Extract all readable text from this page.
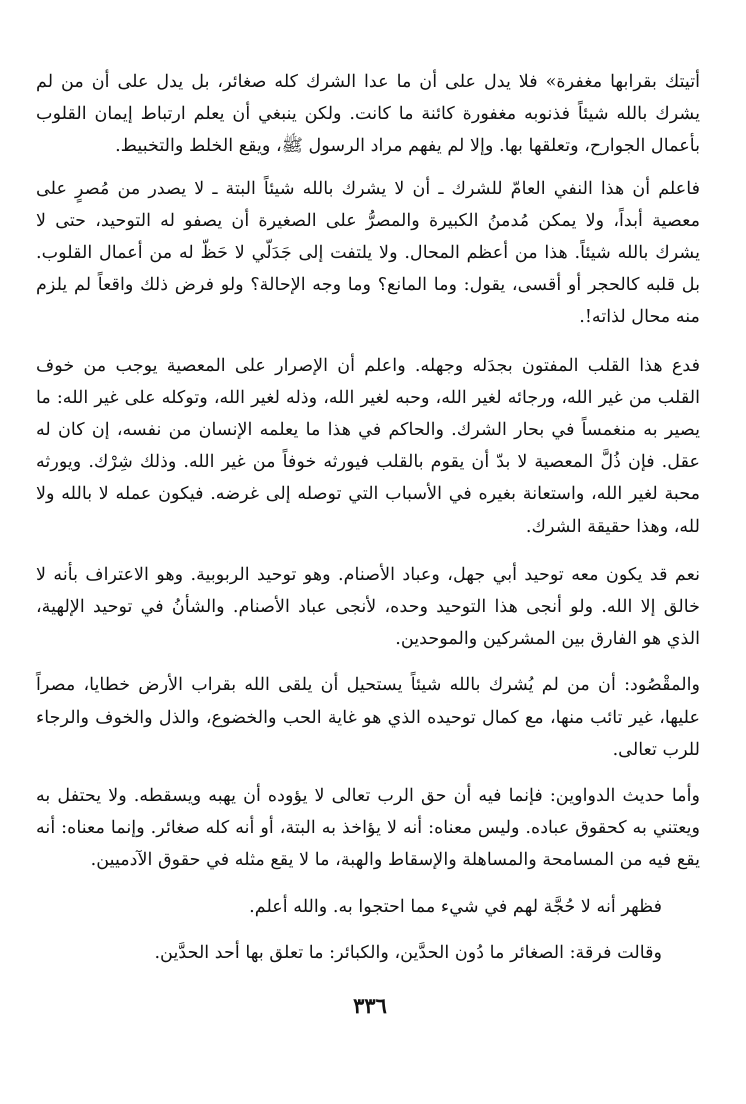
أتيتك بقرابها مغفرة» فلا يدل على أن ما عدا الشرك كله صغائر، بل يدل على أن من لم يشرك بالله شيئاً فذنوبه مغفورة كائنة ما كانت. ولكن ينبغي أن يعلم ارتباط إيمان القلوب بأعمال الجوارح، وتعلقها بها. وإلا لم يفهم مراد الرسول ﷺ، ويقع الخلط والتخبيط.

فاعلم أن هذا النفي العامّ للشرك ـ أن لا يشرك بالله شيئاً البتة ـ لا يصدر من مُصرٍ على معصية أبداً، ولا يمكن مُدمنُ الكبيرة والمصرُّ على الصغيرة أن يصفو له التوحيد، حتى لا يشرك بالله شيئاً. هذا من أعظم المحال. ولا يلتفت إلى جَدَلّي لا حَظّ له من أعمال القلوب. بل قلبه كالحجر أو أقسى، يقول: وما المانع؟ وما وجه الإحالة؟ ولو فرض ذلك واقعاً لم يلزم منه محال لذاته!.

فدع هذا القلب المفتون بجدَله وجهله. واعلم أن الإصرار على المعصية يوجب من خوف القلب من غير الله، ورجائه لغير الله، وحبه لغير الله، وذله لغير الله، وتوكله على غير الله: ما يصير به منغمساً في بحار الشرك. والحاكم في هذا ما يعلمه الإنسان من نفسه، إن كان له عقل. فإن ذُلَّ المعصية لا بدّ أن يقوم بالقلب فيورثه خوفاً من غير الله. وذلك شِرْك. ويورثه محبة لغير الله، واستعانة بغيره في الأسباب التي توصله إلى غرضه. فيكون عمله لا بالله ولا لله، وهذا حقيقة الشرك.

نعم قد يكون معه توحيد أبي جهل، وعباد الأصنام. وهو توحيد الربوبية. وهو الاعتراف بأنه لا خالق إلا الله. ولو أنجى هذا التوحيد وحده، لأنجى عباد الأصنام. والشأنُ في توحيد الإلهية، الذي هو الفارق بين المشركين والموحدين.

والمقْصُود: أن من لم يُشرك بالله شيئاً يستحيل أن يلقى الله بقراب الأرض خطايا، مصراً عليها، غير تائب منها، مع كمال توحيده الذي هو غاية الحب والخضوع، والذل والخوف والرجاء للرب تعالى.

وأما حديث الدواوين: فإنما فيه أن حق الرب تعالى لا يؤوده أن يهبه ويسقطه. ولا يحتفل به ويعتني به كحقوق عباده. وليس معناه: أنه لا يؤاخذ به البتة، أو أنه كله صغائر. وإنما معناه: أنه يقع فيه من المسامحة والمساهلة والإسقاط والهبة، ما لا يقع مثله في حقوق الآدميين.

فظهر أنه لا حُجَّة لهم في شيء مما احتجوا به. والله أعلم.

وقالت فرقة: الصغائر ما دُون الحدَّين، والكبائر: ما تعلق بها أحد الحدَّين.

٣٣٦
